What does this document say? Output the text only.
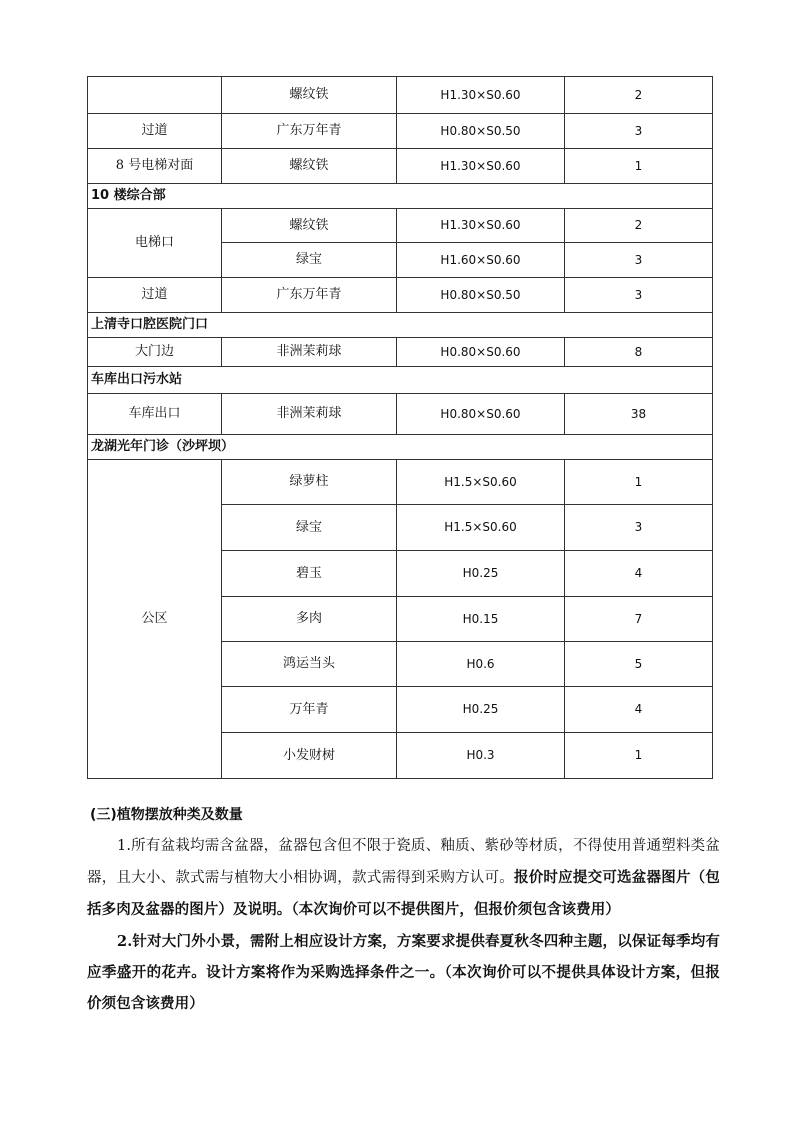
	螺纹铁	H1.30×S0.60	2
过道	广东万年青	H0.80×S0.50	3
8 号电梯对面	螺纹铁	H1.30×S0.60	1
10 楼综合部			
电梯口	螺纹铁	H1.30×S0.60	2
	绿宝	H1.60×S0.60	3
过道	广东万年青	H0.80×S0.50	3
上清寺口腔医院门口			
大门边	非洲茉莉球	H0.80×S0.60	8
车库出口污水站			
车库出口	非洲茉莉球	H0.80×S0.60	38
龙湖光年门诊（沙坪坝）			
公区	绿萝柱	H1.5×S0.60	1
	绿宝	H1.5×S0.60	3
	碧玉	H0.25	4
	多肉	H0.15	7
	鸿运当头	H0.6	5
	万年青	H0.25	4
	小发财树	H0.3	1
(三)植物摆放种类及数量

1.所有盆栽均需含盆器，盆器包含但不限于瓷质、釉质、紫砂等材质，不得使用普通塑料类盆器，且大小、款式需与植物大小相协调，款式需得到采购方认可。报价时应提交可选盆器图片（包括多肉及盆器的图片）及说明。（本次询价可以不提供图片，但报价须包含该费用）

2.针对大门外小景，需附上相应设计方案，方案要求提供春夏秋冬四种主题，以保证每季均有应季盛开的花卉。设计方案将作为采购选择条件之一。（本次询价可以不提供具体设计方案，但报价须包含该费用）
